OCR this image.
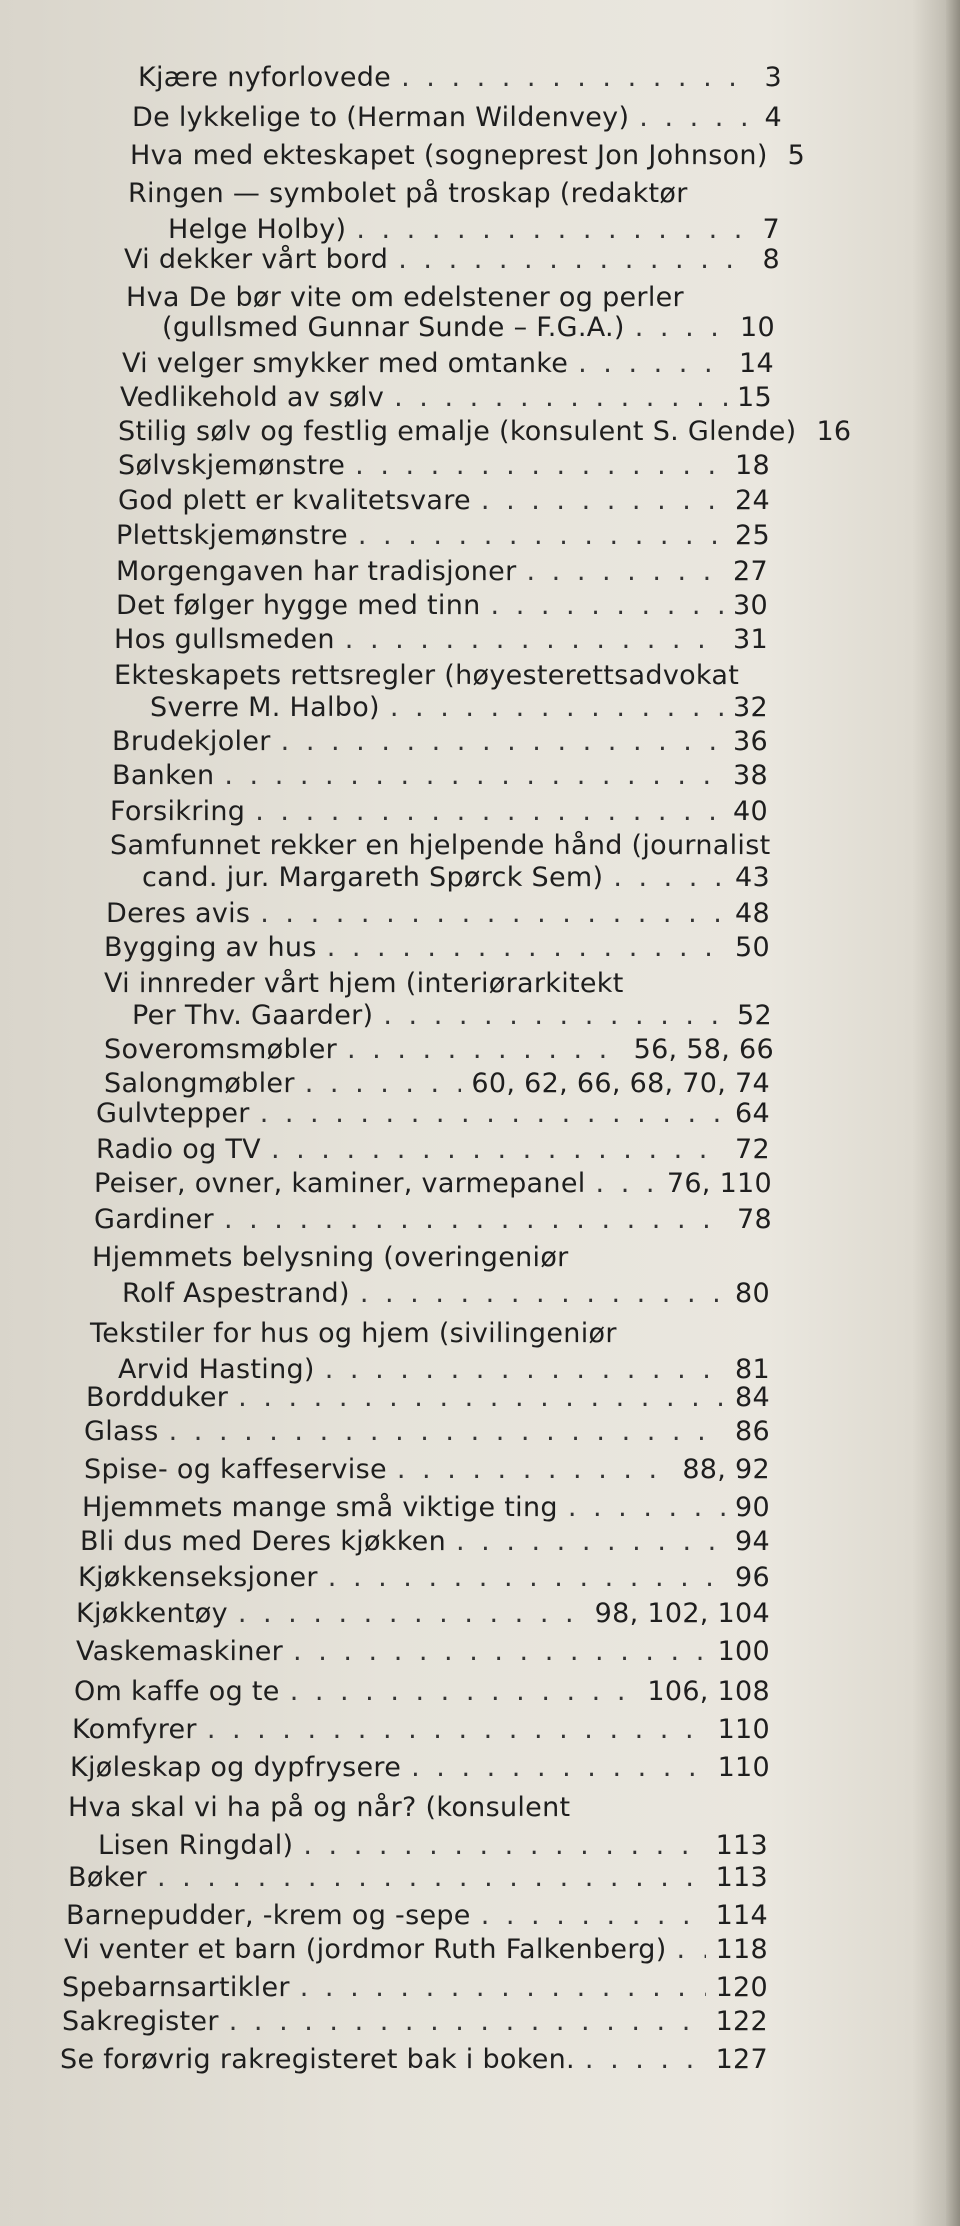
Kjære nyforlovede . . .	3
De lykkelige to (Herman Wildenvey) . . .	4
Hva med ekteskapet (sogneprest Jon Johnson) 5
Ringen — symbolet på troskap (redaktør
Helge Holby) . . .	7
Vi dekker vårt bord . . .	8
Hva De bør vite om edelstener og perler
(gullsmed Gunnar Sunde – F.G.A.) . . .	10
Vi velger smykker med omtanke . . .	14
Vedlikehold av sølv . . .	15
Stilig sølv og festlig emalje (konsulent S. Glende) 16
Sølvskjemønstre . . .	18
God plett er kvalitetsvare . . .	24
Plettskjemønstre . . .	25
Morgengaven har tradisjoner . . .	27
Det følger hygge med tinn . . .	30
Hos gullsmeden . . .	31
Ekteskapets rettsregler (høyesterettsadvokat
Sverre M. Halbo) . . .	32
Brudekjoler . . .	36
Banken . . .	38
Forsikring . . .	40
Samfunnet rekker en hjelpende hånd (journalist
cand. jur. Margareth Spørck Sem) . . .	43
Deres avis . . .	48
Bygging av hus . . .	50
Vi innreder vårt hjem (interiørarkitekt
Per Thv. Gaarder) . . .	52
Soveromsmøbler . . .	56, 58, 66
Salongmøbler . . .	60, 62, 66, 68, 70, 74
Gulvtepper . . .	64
Radio og TV . . .	72
Peiser, ovner, kaminer, varmepanel . . .	76, 110
Gardiner . . .	78
Hjemmets belysning (overingeniør
Rolf Aspestrand) . . .	80
Tekstiler for hus og hjem (sivilingeniør
Arvid Hasting) . . .	81
Bordduker . . .	84
Glass . . .	86
Spise- og kaffeservise . . .	88, 92
Hjemmets mange små viktige ting . . .	90
Bli dus med Deres kjøkken . . .	94
Kjøkkenseksjoner . . .	96
Kjøkkentøy . . .	98, 102, 104
Vaskemaskiner . . .	100
Om kaffe og te . . .	106, 108
Komfyrer . . .	110
Kjøleskap og dypfrysere . . .	110
Hva skal vi ha på og når? (konsulent
Lisen Ringdal) . . .	113
Bøker . . .	113
Barnepudder, -krem og -sepe . . .	114
Vi venter et barn (jordmor Ruth Falkenberg) . . . 118
Spebarnsartikler . . .	120
Sakregister . . .	122
Se forøvrig rakregisteret bak i boken. . . .	127
